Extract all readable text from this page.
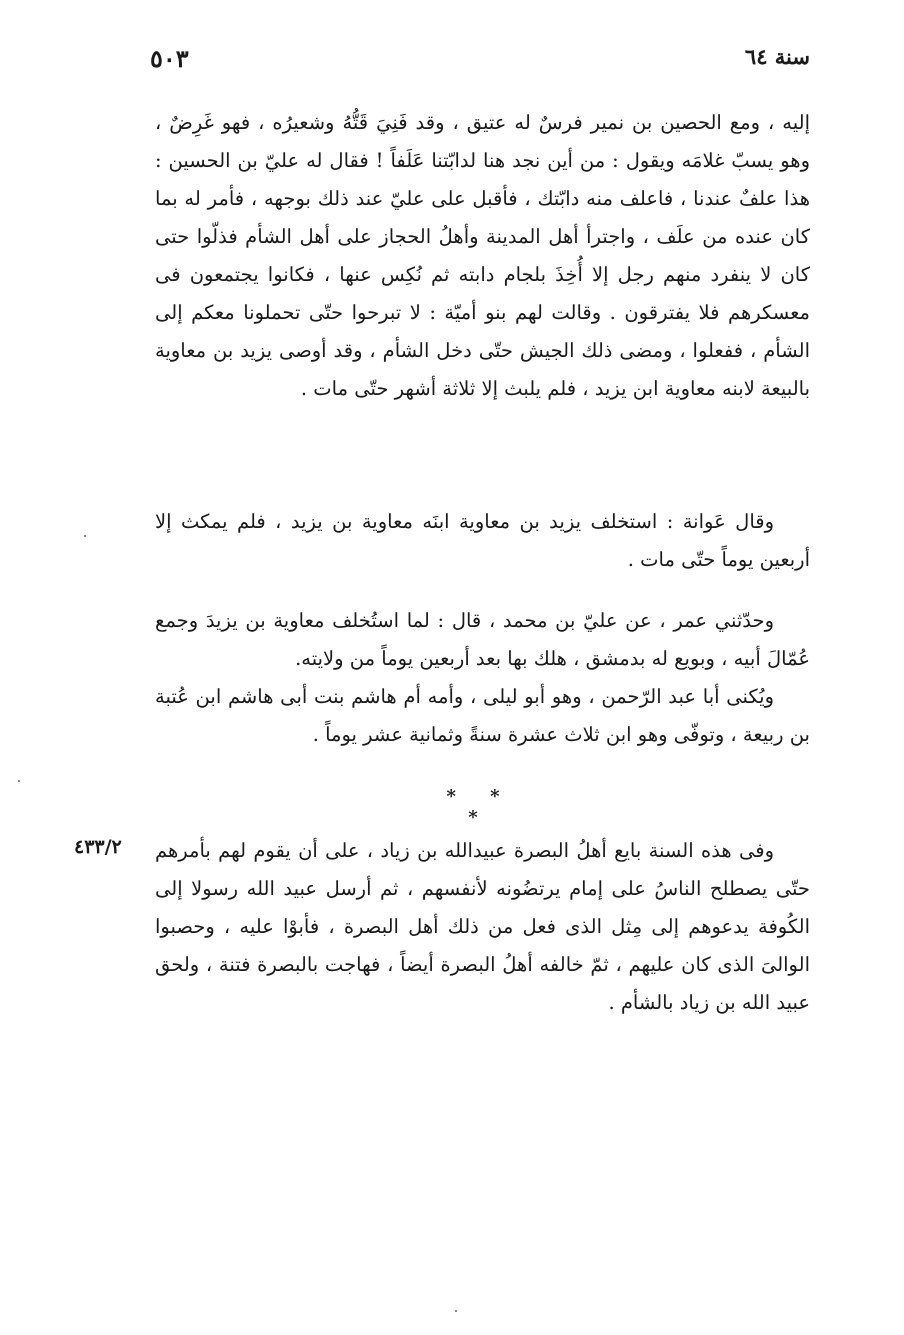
سنة ٦٤
٥٠٣

إليه ، ومع الحصين بن نمير فرسٌ له عتيق ، وقد فَنِيَ قَتُّهُ وشعيرُه ، فهو غَرِضٌ ، وهو يسبّ غلامَه ويقول : من أين نجد هنا لدابّتنا عَلَفاً ! فقال له عليّ بن الحسين : هذا علفٌ عندنا ، فاعلف منه دابّتك ، فأقبل على عليّ عند ذلك بوجهه ، فأمر له بما كان عنده من علَف ، واجترأ أهل المدينة وأهلُ الحجاز على أهل الشأم فذلّوا حتى كان لا ينفرد منهم رجل إلا أُخِذَ بلجام دابته ثم نُكِس عنها ، فكانوا يجتمعون فى معسكرهم فلا يفترقون . وقالت لهم بنو أميّة : لا تبرحوا حتّى تحملونا معكم إلى الشأم ، ففعلوا ، ومضى ذلك الجيش حتّى دخل الشأم ، وقد أوصى يزيد بن معاوية بالبيعة لابنه معاوية ابن يزيد ، فلم يلبث إلا ثلاثة أشهر حتّى مات .

وقال عَوانة : استخلف يزيد بن معاوية ابنَه معاوية بن يزيد ، فلم يمكث إلا أربعين يوماً حتّى مات .

وحدّثني عمر ، عن عليّ بن محمد ، قال : لما استُخلف معاوية بن يزيدَ وجمع عُمّالَ أبيه ، وبويع له بدمشق ، هلك بها بعد أربعين يوماً من ولايته.

ويُكنى أبا عبد الرّحمن ، وهو أبو ليلى ، وأمه أم هاشم بنت أبى هاشم ابن عُتبة بن ربيعة ، وتوفّى وهو ابن ثلاث عشرة سنةً وثمانية عشر يوماً .

* * *
٤٣٣/٢ وفى هذه السنة بايع أهلُ البصرة عبيدالله بن زياد ، على أن يقوم لهم بأمرهم حتّى يصطلح الناسُ على إمام يرتضُونه لأنفسهم ، ثم أرسل عبيد الله رسولا إلى الكُوفة يدعوهم إلى مِثل الذى فعل من ذلك أهل البصرة ، فأبوْا عليه ، وحصبوا الوالىَ الذى كان عليهم ، ثمّ خالفه أهلُ البصرة أيضاً ، فهاجت بالبصرة فتنة ، ولحق عبيد الله بن زياد بالشأم .
